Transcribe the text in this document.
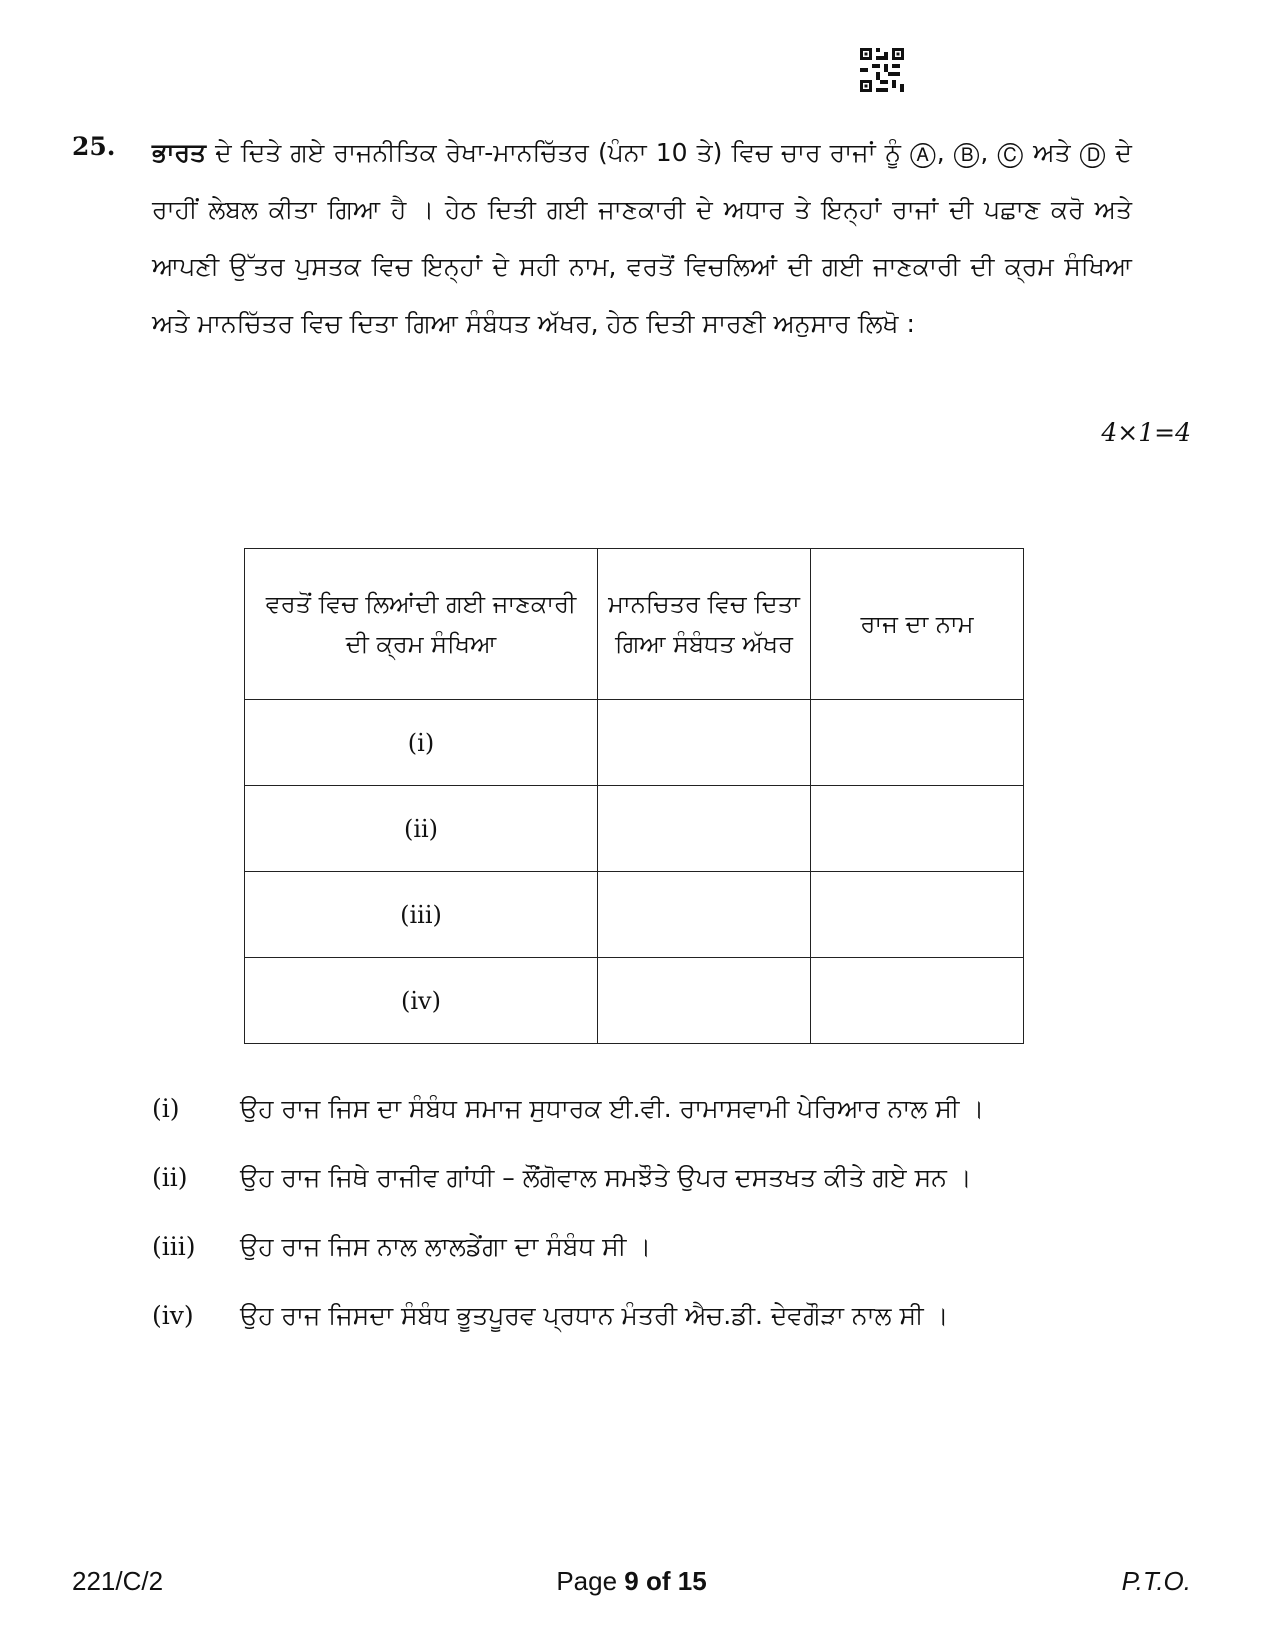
25. ਭਾਰਤ ਦੇ ਦਿਤੇ ਗਏ ਰਾਜਨੀਤਿਕ ਰੇਖਾ-ਮਾਨਚਿੱਤਰ (ਪੰਨਾ 10 ਤੇ) ਵਿਚ ਚਾਰ ਰਾਜਾਂ ਨੂੰ Ⓐ, Ⓑ, Ⓒ ਅਤੇ Ⓓ ਦੇ ਰਾਹੀਂ ਲੇਬਲ ਕੀਤਾ ਗਿਆ ਹੈ । ਹੇਠ ਦਿਤੀ ਗਈ ਜਾਣਕਾਰੀ ਦੇ ਅਧਾਰ ਤੇ ਇਨ੍ਹਾਂ ਰਾਜਾਂ ਦੀ ਪਛਾਣ ਕਰੋ ਅਤੇ ਆਪਣੀ ਉੱਤਰ ਪੁਸਤਕ ਵਿਚ ਇਨ੍ਹਾਂ ਦੇ ਸਹੀ ਨਾਮ, ਵਰਤੋਂ ਵਿਚਲਿਆਂ ਦੀ ਗਈ ਜਾਣਕਾਰੀ ਦੀ ਕ੍ਰਮ ਸੰਖਿਆ ਅਤੇ ਮਾਨਚਿੱਤਰ ਵਿਚ ਦਿਤਾ ਗਿਆ ਸੰਬੰਧਤ ਅੱਖਰ, ਹੇਠ ਦਿਤੀ ਸਾਰਣੀ ਅਨੁਸਾਰ ਲਿਖੋ :
4×1=4
ਵਰਤੋਂ ਵਿਚ ਲਿਆਂਦੀ ਗਈ ਜਾਣਕਾਰੀ ਦੀ ਕ੍ਰਮ ਸੰਖਿਆ	ਮਾਨਚਿਤਰ ਵਿਚ ਦਿਤਾ ਗਿਆ ਸੰਬੰਧਤ ਅੱਖਰ	ਰਾਜ ਦਾ ਨਾਮ
(i)		
(ii)		
(iii)		
(iv)		
(i)	ਉਹ ਰਾਜ ਜਿਸ ਦਾ ਸੰਬੰਧ ਸਮਾਜ ਸੁਧਾਰਕ ਈ.ਵੀ. ਰਾਮਾਸਵਾਮੀ ਪੇਰਿਆਰ ਨਾਲ ਸੀ ।
(ii)	ਉਹ ਰਾਜ ਜਿਥੇ ਰਾਜੀਵ ਗਾਂਧੀ – ਲੌਂਗੋਵਾਲ ਸਮਝੌਤੇ ਉਪਰ ਦਸਤਖਤ ਕੀਤੇ ਗਏ ਸਨ ।
(iii)	ਉਹ ਰਾਜ ਜਿਸ ਨਾਲ ਲਾਲਡੇਂਗਾ ਦਾ ਸੰਬੰਧ ਸੀ ।
(iv)	ਉਹ ਰਾਜ ਜਿਸਦਾ ਸੰਬੰਧ ਭੂਤਪੂਰਵ ਪ੍ਰਧਾਨ ਮੰਤਰੀ ਐਚ.ਡੀ. ਦੇਵਗੌੜਾ ਨਾਲ ਸੀ ।
221/C/2	Page 9 of 15	P.T.O.
